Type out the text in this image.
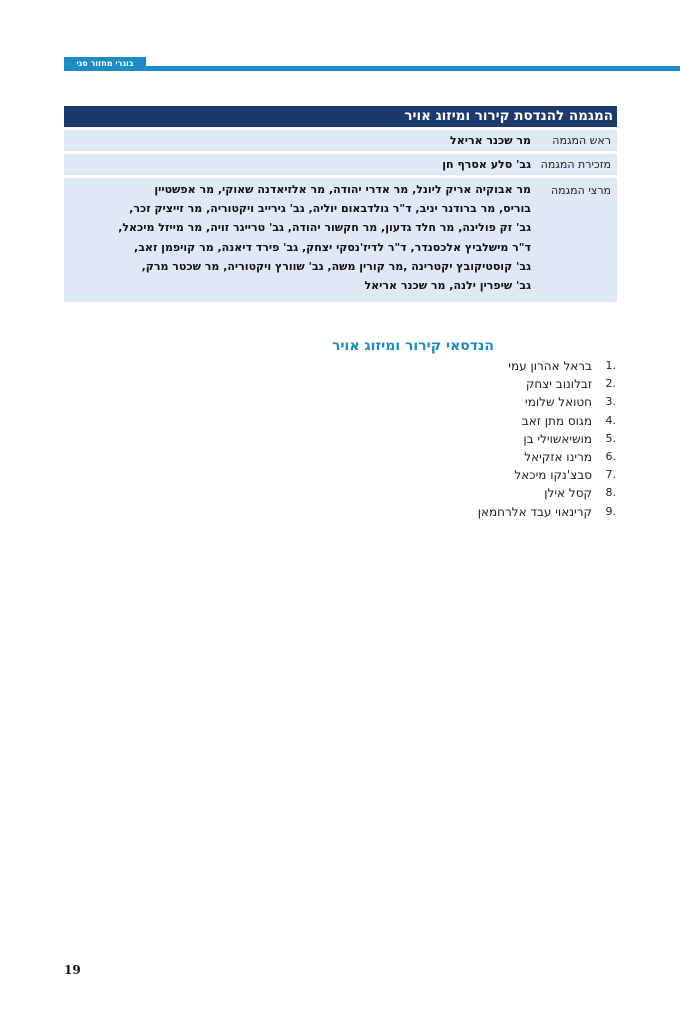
בוגרי מחזור סגי
המגמה להנדסת קירור ומיזוג אויר
ראש המגמה
מר שכנר אריאל
מזכירת המגמה
גב' סלע אסרף חן
מרצי המגמה
מר אבוקיה אריק ליונל, מר אדרי יהודה, מר אלזיאדנה שאוקי, מר אפשטיין
בוריס, מר ברודנר יניב, ד"ר גולדבאום יוליה, גב' גירייב ויקטוריה, מר זייציק זכר,
גב' זק פולינה, מר חלד גדעון, מר חקשור יהודה, גב' טרייגר זויה, מר מייזל מיכאל,
ד"ר מישלביץ אלכסנדר, ד"ר לדיז'נסקי יצחק, גב' פירד דיאנה, מר קויפמן זאב,
גב' קוסטיקובץ יקטרינה ,מר קורין משה, גב' שוורץ ויקטוריה, מר שכטר מרק,
גב' שיפרין ילנה, מר שכנר אריאל
הנדסאי קירור ומיזוג אויר
1.
בראל אהרון עמי
2.
זבלונוב יצחק
3.
חטואל שלומי
4.
מגוס מתן זאב
5.
מושיאשוילי בן
6.
מרינו אזקיאל
7.
סבצ'נקו מיכאל
8.
קסל אילן
9.
קרינאוי עבד אלרחמאן
19
